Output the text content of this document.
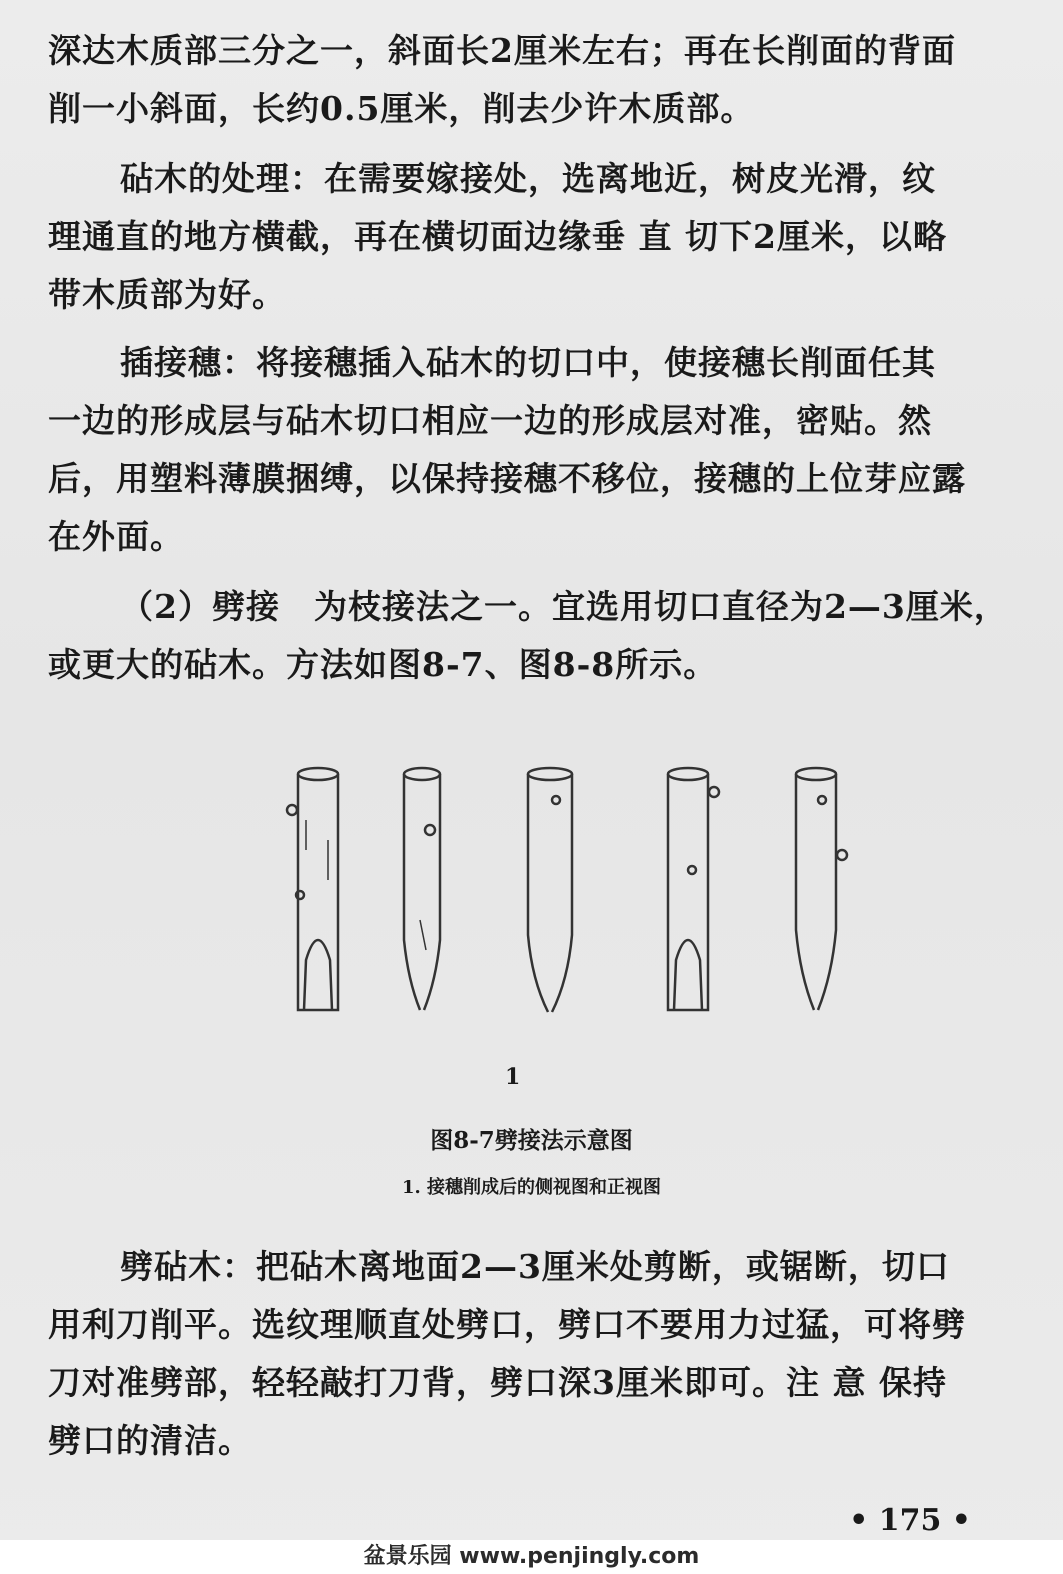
深达木质部三分之一，斜面长2厘米左右；再在长削面的背面
削一小斜面，长约0.5厘米，削去少许木质部。
砧木的处理：在需要嫁接处，选离地近，树皮光滑，纹
理通直的地方横截，再在横切面边缘垂 直 切下2厘米，以略
带木质部为好。
插接穗：将接穗插入砧木的切口中，使接穗长削面任其
一边的形成层与砧木切口相应一边的形成层对准，密贴。然
后，用塑料薄膜捆缚，以保持接穗不移位，接穗的上位芽应露
在外面。
（2）劈接　为枝接法之一。宜选用切口直径为2—3厘米，
或更大的砧木。方法如图8-7、图8-8所示。
1
图8-7劈接法示意图
1. 接穗削成后的侧视图和正视图
劈砧木：把砧木离地面2—3厘米处剪断，或锯断，切口
用利刀削平。选纹理顺直处劈口，劈口不要用力过猛，可将劈
刀对准劈部，轻轻敲打刀背，劈口深3厘米即可。注 意 保持
劈口的清洁。
• 175 •
盆景乐园 www.penjingly.com
